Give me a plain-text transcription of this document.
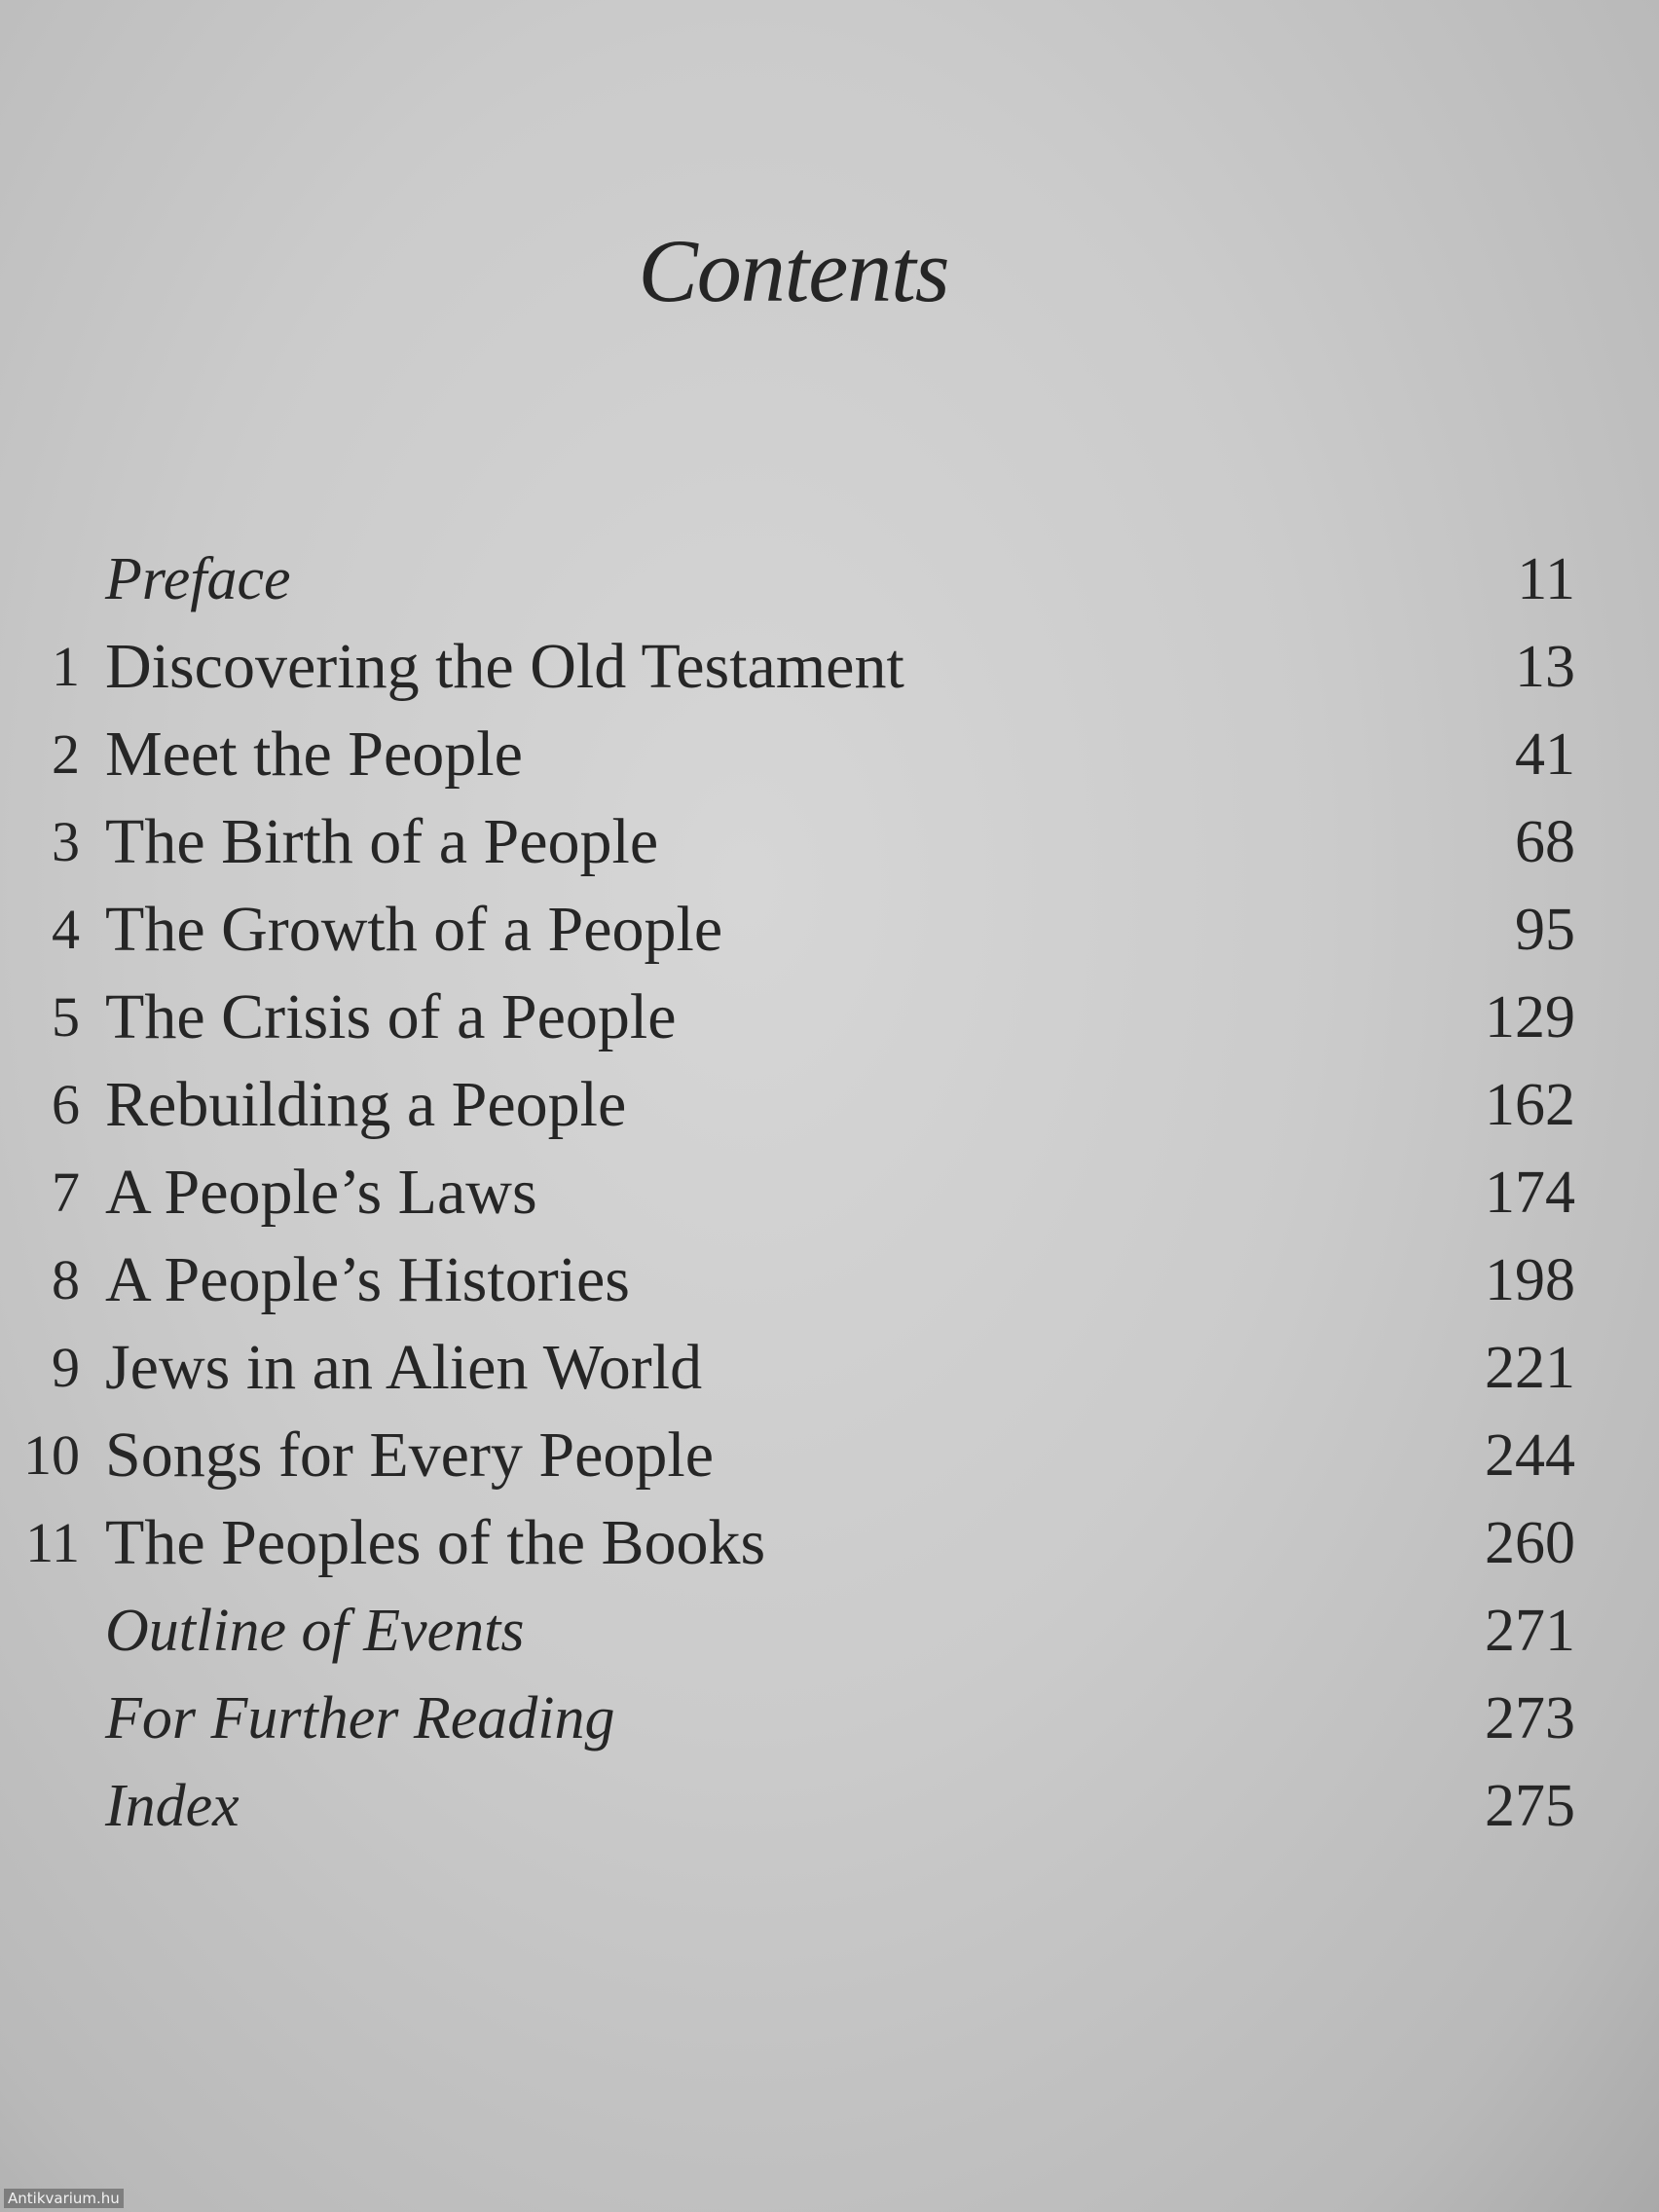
Contents
Preface	11
1 Discovering the Old Testament	13
2 Meet the People	41
3 The Birth of a People	68
4 The Growth of a People	95
5 The Crisis of a People	129
6 Rebuilding a People	162
7 A People’s Laws	174
8 A People’s Histories	198
9 Jews in an Alien World	221
10 Songs for Every People	244
11 The Peoples of the Books	260
Outline of Events	271
For Further Reading	273
Index	275
Antikvarium.hu
